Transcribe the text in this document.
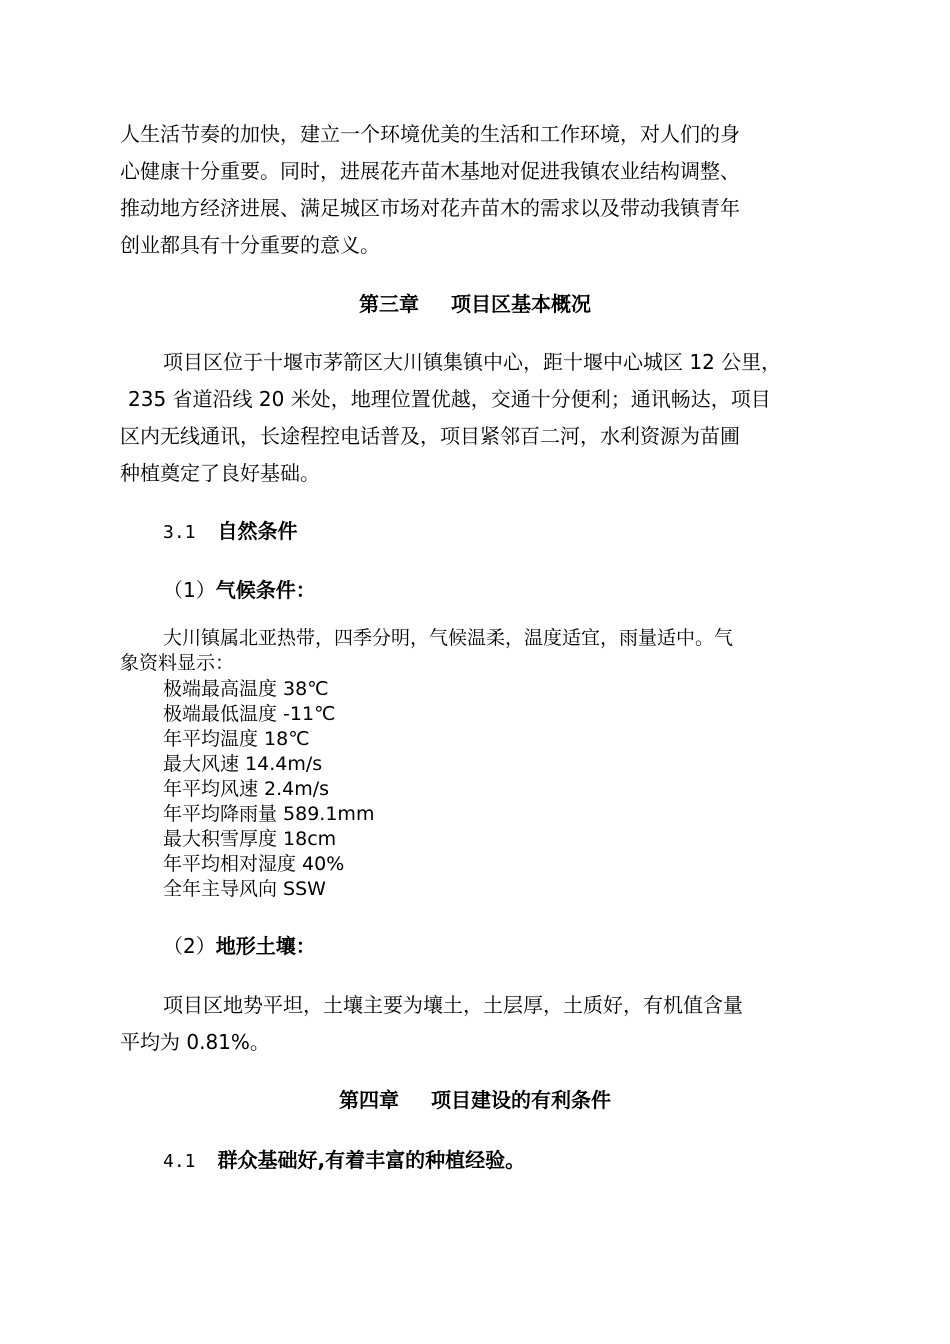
人生活节奏的加快，建立一个环境优美的生活和工作环境，对人们的身
心健康十分重要。同时，进展花卉苗木基地对促进我镇农业结构调整、
推动地方经济进展、满足城区市场对花卉苗木的需求以及带动我镇青年
创业都具有十分重要的意义。
第三章 项目区基本概况
项目区位于十堰市茅箭区大川镇集镇中心，距十堰中心城区 12 公里，
235 省道沿线 20 米处，地理位置优越，交通十分便利；通讯畅达，项目
区内无线通讯，长途程控电话普及，项目紧邻百二河，水利资源为苗圃
种植奠定了良好基础。
3.1 自然条件
（1）气候条件：
大川镇属北亚热带，四季分明，气候温柔，温度适宜，雨量适中。气
象资料显示：
极端最高温度 38℃
极端最低温度 -11℃
年平均温度 18℃
最大风速 14.4m/s
年平均风速 2.4m/s
年平均降雨量 589.1mm
最大积雪厚度 18cm
年平均相对湿度 40%
全年主导风向 SSW
（2）地形土壤：
项目区地势平坦，土壤主要为壤土，土层厚，土质好，有机值含量
平均为 0.81%。
第四章 项目建设的有利条件
4.1 群众基础好,有着丰富的种植经验。
